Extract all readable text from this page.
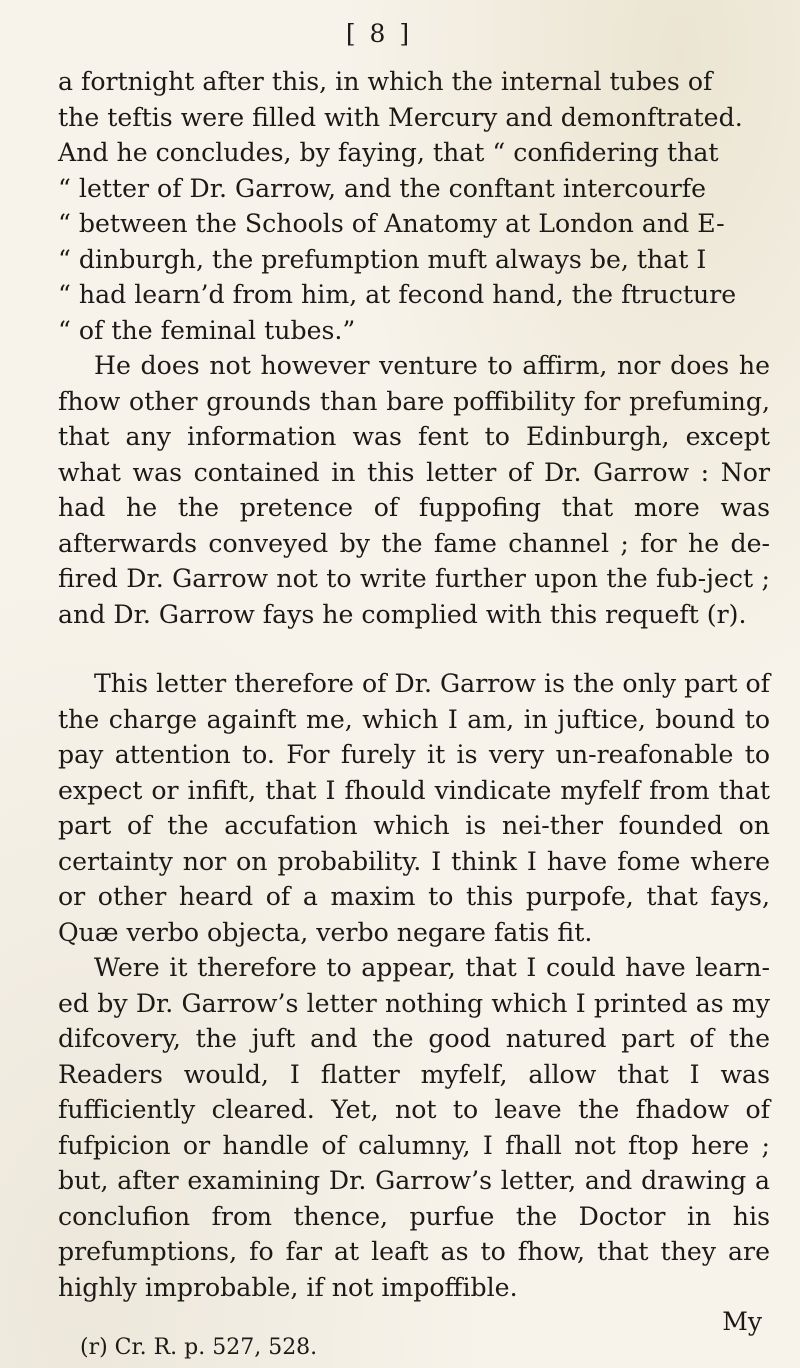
[ 8 ]

a fortnight after this, in which the internal tubes of

the teftis were filled with Mercury and demonftrated.

And he concludes, by faying, that “ confidering that

“ letter of Dr. Garrow, and the conftant intercourfe

“ between the Schools of Anatomy at London and E-

“ dinburgh, the prefumption muft always be, that I

“ had learn’d from him, at fecond hand, the ftructure

“ of the feminal tubes.”

He does not however venture to affirm, nor does he fhow other grounds than bare poffibility for prefuming, that any information was fent to Edinburgh, except what was contained in this letter of Dr. Garrow : Nor had he the pretence of fuppofing that more was afterwards conveyed by the fame channel ; for he de-fired Dr. Garrow not to write further upon the fub-ject ; and Dr. Garrow fays he complied with this requeft (r).

This letter therefore of Dr. Garrow is the only part of the charge againft me, which I am, in juftice, bound to pay attention to. For furely it is very un-reafonable to expect or infift, that I fhould vindicate myfelf from that part of the accufation which is nei-ther founded on certainty nor on probability. I think I have fome where or other heard of a maxim to this purpofe, that fays, Quæ verbo objecta, verbo negare fatis fit.

Were it therefore to appear, that I could have learn-ed by Dr. Garrow’s letter nothing which I printed as my difcovery, the juft and the good natured part of the Readers would, I flatter myfelf, allow that I was fufficiently cleared. Yet, not to leave the fhadow of fufpicion or handle of calumny, I fhall not ftop here ; but, after examining Dr. Garrow’s letter, and drawing a conclufion from thence, purfue the Doctor in his prefumptions, fo far at leaft as to fhow, that they are highly improbable, if not impoffible.

My
(r) Cr. R. p. 527, 528.
